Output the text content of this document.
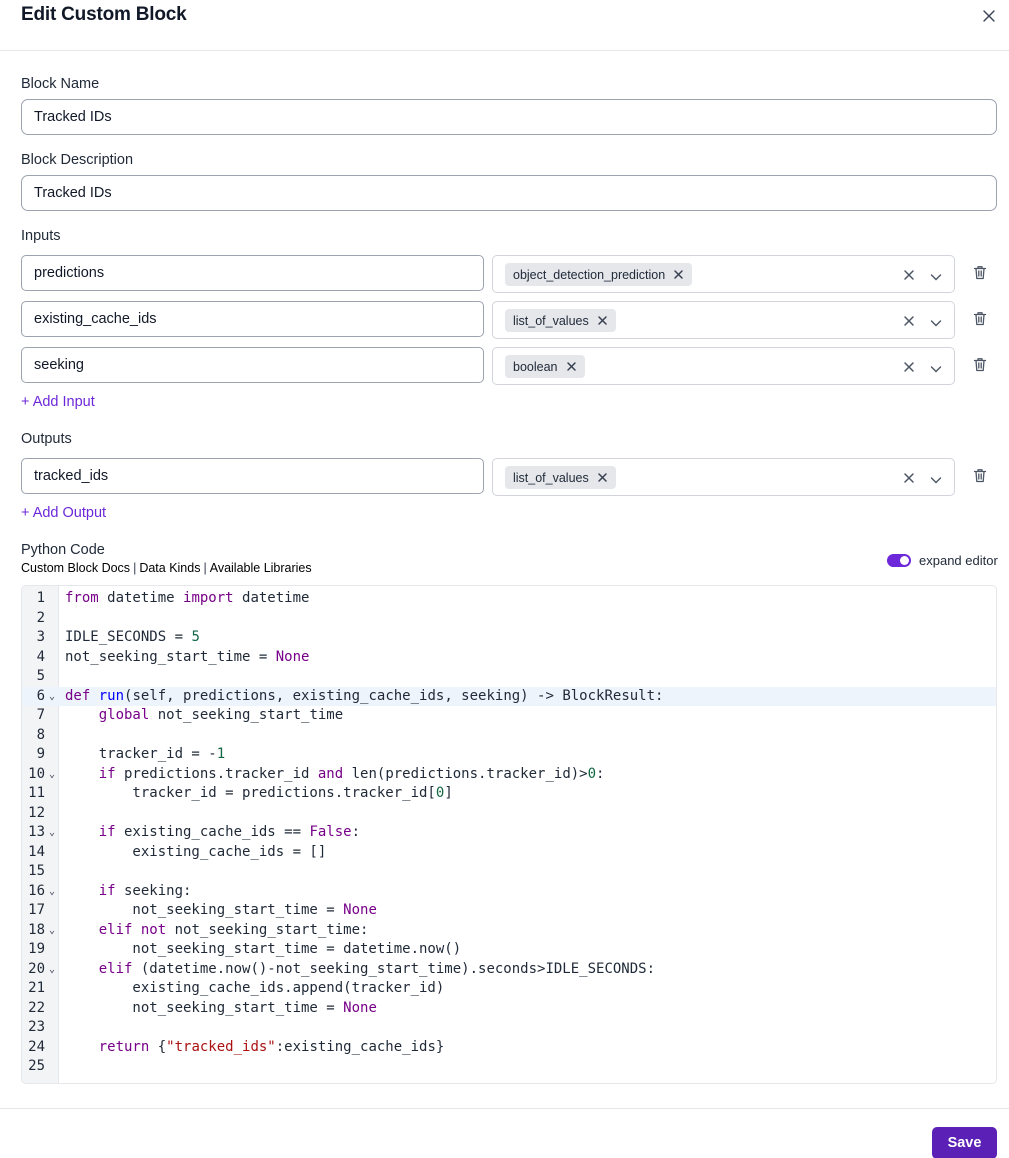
Edit Custom Block
Block Name
Tracked IDs
Block Description
Tracked IDs
Inputs
predictions	object_detection_prediction
existing_cache_ids	list_of_values
seeking	boolean
+ Add Input
Outputs
tracked_ids	list_of_values
+ Add Output
Python Code
Custom Block Docs | Data Kinds | Available Libraries	expand editor
1 from datetime import datetime
2
3 IDLE_SECONDS = 5
4 not_seeking_start_time = None
5
6 ⌄ def run(self, predictions, existing_cache_ids, seeking) -> BlockResult:
7	global not_seeking_start_time
8
9 tracker_id = -1
10 ⌄	if predictions.tracker_id and len(predictions.tracker_id)>0:
11 tracker_id = predictions.tracker_id[0]
12
13 ⌄	if existing_cache_ids == False:
14 existing_cache_ids = []
15
16 ⌄	if seeking:
17 not_seeking_start_time = None
18 ⌄	elif not not_seeking_start_time:
19 not_seeking_start_time = datetime.now()
20 ⌄	elif (datetime.now()-not_seeking_start_time).seconds>IDLE_SECONDS:
21 existing_cache_ids.append(tracker_id)
22 not_seeking_start_time = None
23
24	return {"tracked_ids":existing_cache_ids}
25
Save
